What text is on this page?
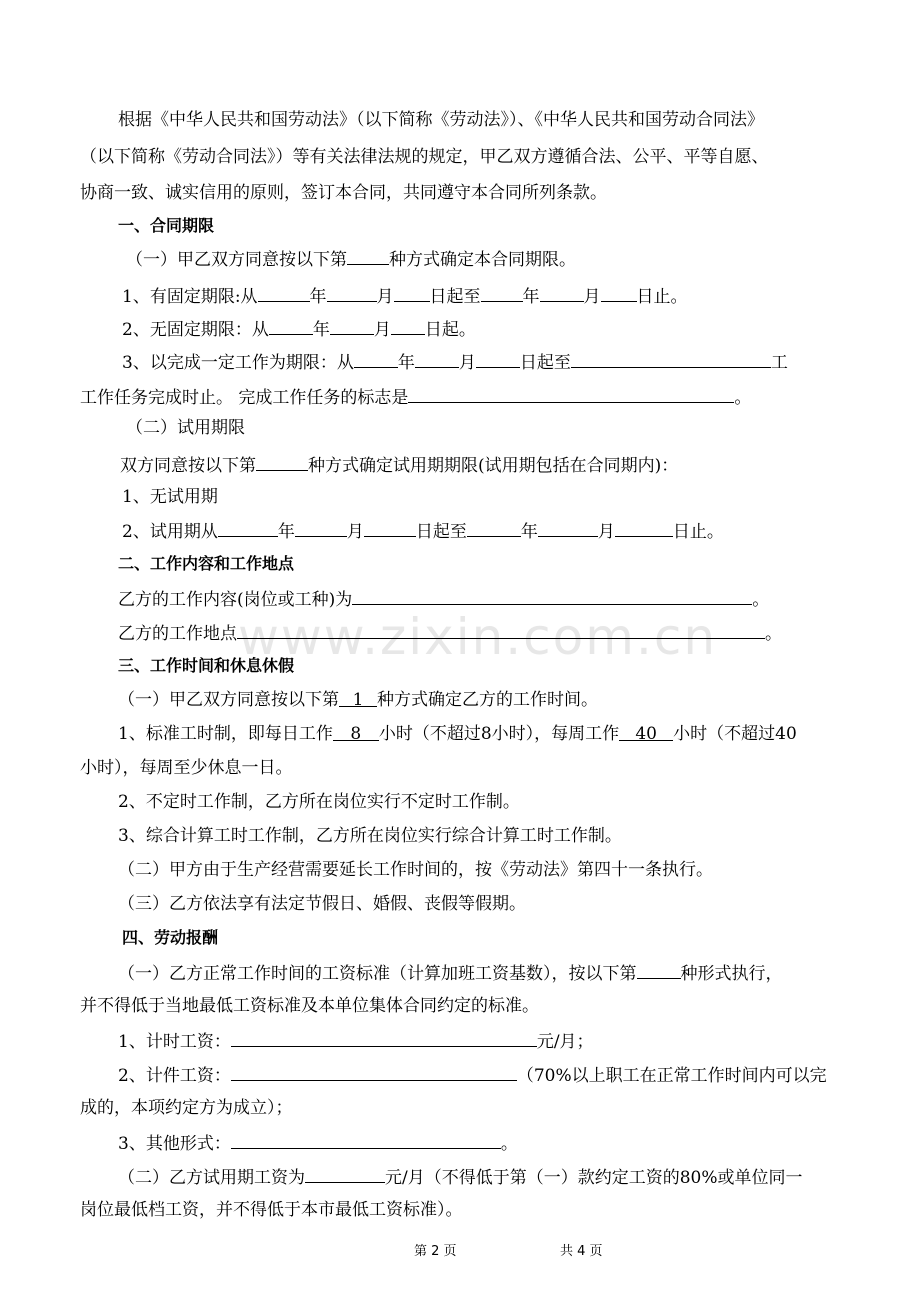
根据《中华人民共和国劳动法》（以下简称《劳动法》）、《中华人民共和国劳动合同法》
（以下简称《劳动合同法》）等有关法律法规的规定，甲乙双方遵循合法、公平、平等自愿、
协商一致、诚实信用的原则，签订本合同，共同遵守本合同所列条款。
一、合同期限
（一）甲乙双方同意按以下第 种方式确定本合同期限。
1、有固定期限:从	年	月 日起至 年	月 日止。
2、无固定期限：从	年	月 日起。
3、以完成一定工作为期限：从	年	月	日起至	工
工作任务完成时止。 完成工作任务的标志是	。
（二）试用期限
双方同意按以下第	种方式确定试用期期限(试用期包括在合同期内)：
1、无试用期
2、试用期从	年	月	日起至	年	月	日止。
二、工作内容和工作地点
乙方的工作内容(岗位或工种)为	。
www.zixin.com.cn
乙方的工作地点	。
三、工作时间和休息休假
（一）甲乙双方同意按以下第 1 种方式确定乙方的工作时间。
1、标准工时制，即每日工作 8 小时（不超过8小时），每周工作 40 小时（不超过40
小时），每周至少休息一日。
2、不定时工作制，乙方所在岗位实行不定时工作制。
3、综合计算工时工作制，乙方所在岗位实行综合计算工时工作制。
（二）甲方由于生产经营需要延长工作时间的，按《劳动法》第四十一条执行。
（三）乙方依法享有法定节假日、婚假、丧假等假期。
四、劳动报酬
（一）乙方正常工作时间的工资标准（计算加班工资基数），按以下第	种形式执行，
并不得低于当地最低工资标准及本单位集体合同约定的标准。
1、计时工资：	元/月；
2、计件工资：	（70%以上职工在正常工作时间内可以完
成的，本项约定方为成立）；
3、其他形式：	。
（二）乙方试用期工资为	元/月（不得低于第（一）款约定工资的80%或单位同一
岗位最低档工资，并不得低于本市最低工资标准）。
第 2 页	共 4 页
